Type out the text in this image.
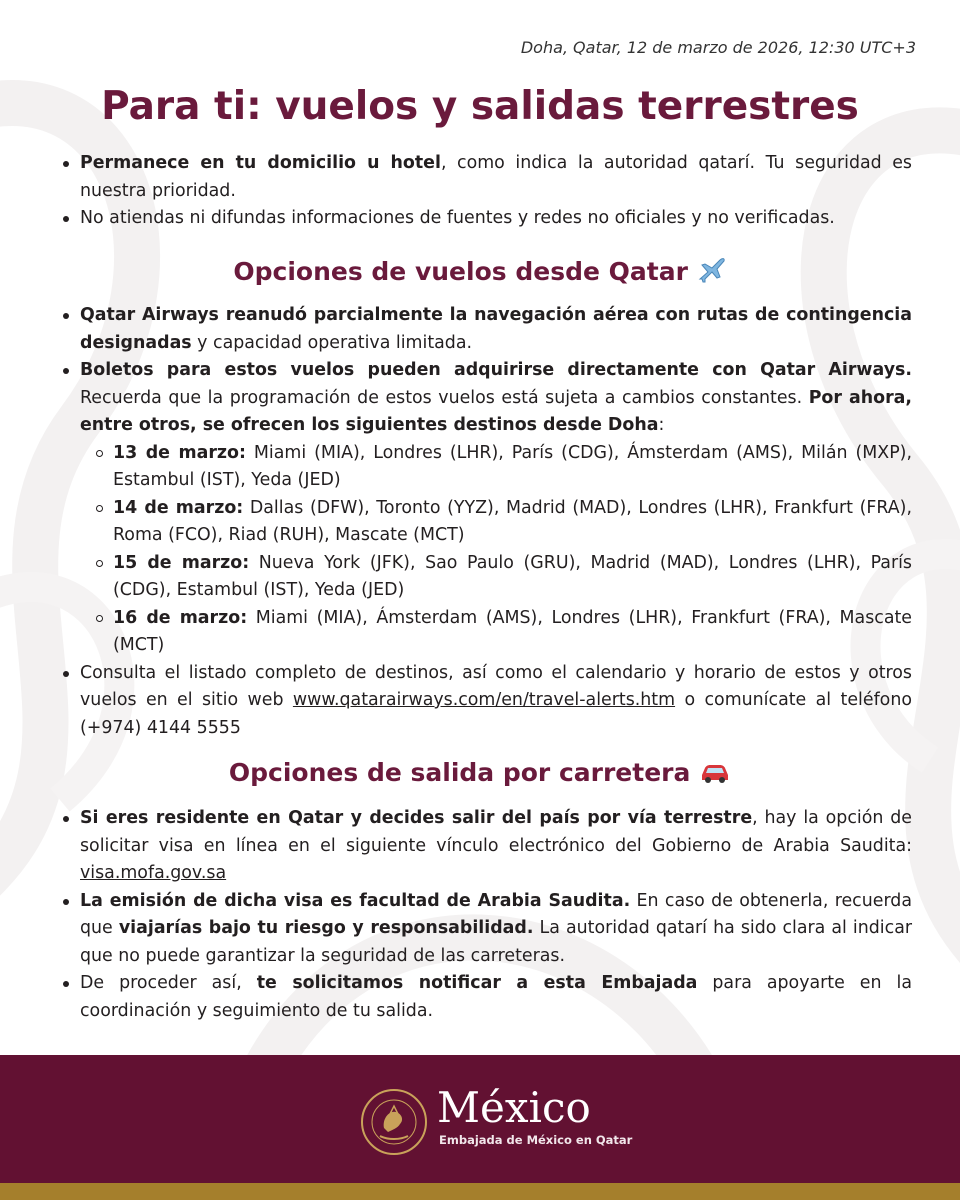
Doha, Qatar, 12 de marzo de 2026, 12:30 UTC+3
Para ti: vuelos y salidas terrestres
Permanece en tu domicilio u hotel, como indica la autoridad qatarí. Tu seguridad es nuestra prioridad.
No atiendas ni difundas informaciones de fuentes y redes no oficiales y no verificadas.
Opciones de vuelos desde Qatar
Qatar Airways reanudó parcialmente la navegación aérea con rutas de contingencia designadas y capacidad operativa limitada.
Boletos para estos vuelos pueden adquirirse directamente con Qatar Airways. Recuerda que la programación de estos vuelos está sujeta a cambios constantes. Por ahora, entre otros, se ofrecen los siguientes destinos desde Doha:
13 de marzo: Miami (MIA), Londres (LHR), París (CDG), Ámsterdam (AMS), Milán (MXP), Estambul (IST), Yeda (JED)
14 de marzo: Dallas (DFW), Toronto (YYZ), Madrid (MAD), Londres (LHR), Frankfurt (FRA), Roma (FCO), Riad (RUH), Mascate (MCT)
15 de marzo: Nueva York (JFK), Sao Paulo (GRU), Madrid (MAD), Londres (LHR), París (CDG), Estambul (IST), Yeda (JED)
16 de marzo: Miami (MIA), Ámsterdam (AMS), Londres (LHR), Frankfurt (FRA), Mascate (MCT)
Consulta el listado completo de destinos, así como el calendario y horario de estos y otros vuelos en el sitio web www.qatarairways.com/en/travel-alerts.htm o comunícate al teléfono (+974) 4144 5555
Opciones de salida por carretera
Si eres residente en Qatar y decides salir del país por vía terrestre, hay la opción de solicitar visa en línea en el siguiente vínculo electrónico del Gobierno de Arabia Saudita: visa.mofa.gov.sa
La emisión de dicha visa es facultad de Arabia Saudita. En caso de obtenerla, recuerda que viajarías bajo tu riesgo y responsabilidad. La autoridad qatarí ha sido clara al indicar que no puede garantizar la seguridad de las carreteras.
De proceder así, te solicitamos notificar a esta Embajada para apoyarte en la coordinación y seguimiento de tu salida.
México
Embajada de México en Qatar
